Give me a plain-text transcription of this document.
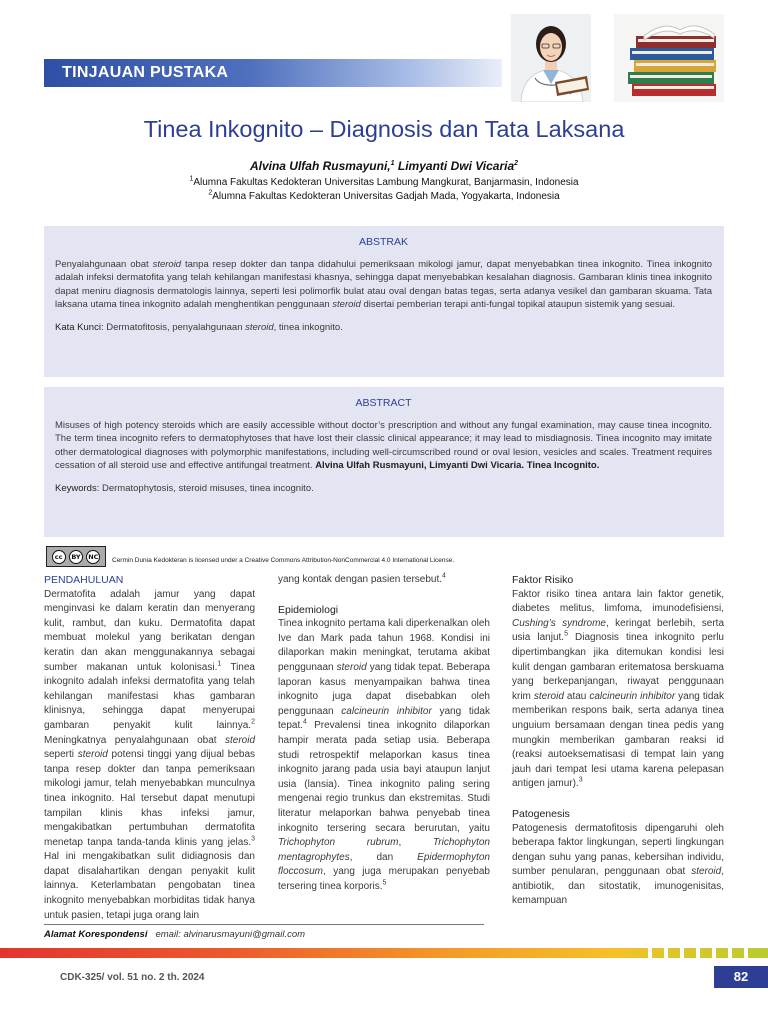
TINJAUAN PUSTAKA
Tinea Inkognito – Diagnosis dan Tata Laksana
Alvina Ulfah Rusmayuni,$^1$ Limyanti Dwi Vicaria$^2$
$^1$Alumna Fakultas Kedokteran Universitas Lambung Mangkurat, Banjarmasin, Indonesia
$^2$Alumna Fakultas Kedokteran Universitas Gadjah Mada, Yogyakarta, Indonesia
ABSTRAK
Penyalahgunaan obat steroid tanpa resep dokter dan tanpa didahului pemeriksaan mikologi jamur, dapat menyebabkan tinea inkognito. Tinea inkognito adalah infeksi dermatofita yang telah kehilangan manifestasi khasnya, sehingga dapat menyebabkan kesalahan diagnosis. Gambaran klinis tinea inkognito dapat meniru diagnosis dermatologis lainnya, seperti lesi polimorfik bulat atau oval dengan batas tegas, serta adanya vesikel dan gambaran skuama. Tata laksana utama tinea inkognito adalah menghentikan penggunaan steroid disertai pemberian terapi anti-fungal topikal ataupun sistemik yang sesuai.
Kata Kunci: Dermatofitosis, penyalahgunaan steroid, tinea inkognito.
ABSTRACT
Misuses of high potency steroids which are easily accessible without doctor’s prescription and without any fungal examination, may cause tinea incognito. The term tinea incognito refers to dermatophytoses that have lost their classic clinical appearance; it may lead to misdiagnosis. Tinea incognito may imitate other dermatological diagnoses with polymorphic manifestations, including well-circumscribed round or oval lesion, vesicles and scales. Treatment requires cessation of all steroid use and effective antifungal treatment. Alvina Ulfah Rusmayuni, Limyanti Dwi Vicaria. Tinea Incognito.
Keywords: Dermatophytosis, steroid misuses, tinea incognito.
cc	BY	NC Cermin Dunia Kedokteran is licensed under a Creative Commons Attribution-NonCommercial 4.0 International License.
PENDAHULUAN

Dermatofita adalah jamur yang dapat menginvasi ke dalam keratin dan menyerang kulit, rambut, dan kuku. Dermatofita dapat membuat molekul yang berikatan dengan keratin dan akan menggunakannya sebagai sumber makanan untuk kolonisasi.$^1$ Tinea inkognito adalah infeksi dermatofita yang telah kehilangan manifestasi khas gambaran klinisnya, sehingga dapat menyerupai gambaran penyakit kulit lainnya.$^2$ Meningkatnya penyalahgunaan obat steroid seperti steroid potensi tinggi yang dijual bebas tanpa resep dokter dan tanpa pemeriksaan mikologi jamur, telah menyebabkan munculnya tinea inkognito. Hal tersebut dapat menutupi tampilan klinis khas infeksi jamur, mengakibatkan pertumbuhan dermatofita menetap tanpa tanda-tanda klinis yang jelas.$^3$ Hal ini mengakibatkan sulit didiagnosis dan dapat disalahartikan dengan penyakit kulit lainnya. Keterlambatan pengobatan tinea inkognito menyebabkan morbiditas tidak hanya untuk pasien, tetapi juga orang lain

yang kontak dengan pasien tersebut.$^4$

Epidemiologi

Tinea inkognito pertama kali diperkenalkan oleh Ive dan Mark pada tahun 1968. Kondisi ini dilaporkan makin meningkat, terutama akibat penggunaan steroid yang tidak tepat. Beberapa laporan kasus menyampaikan bahwa tinea inkognito juga dapat disebabkan oleh penggunaan calcineurin inhibitor yang tidak tepat.$^4$ Prevalensi tinea inkognito dilaporkan hampir merata pada setiap usia. Beberapa studi retrospektif melaporkan kasus tinea inkognito jarang pada usia bayi ataupun lanjut usia (lansia). Tinea inkognito paling sering mengenai regio trunkus dan ekstremitas. Studi literatur melaporkan bahwa penyebab tinea inkognito tersering secara berurutan, yaitu Trichophyton rubrum, Trichophyton mentagrophytes, dan Epidermophyton floccosum, yang juga merupakan penyebab tersering tinea korporis.$^5$

Faktor Risiko

Faktor risiko tinea antara lain faktor genetik, diabetes melitus, limfoma, imunodefisiensi, Cushing’s syndrome, keringat berlebih, serta usia lanjut.$^5$ Diagnosis tinea inkognito perlu dipertimbangkan jika ditemukan kondisi lesi kulit dengan gambaran eritematosa berskuama yang berkepanjangan, riwayat penggunaan krim steroid atau calcineurin inhibitor yang tidak memberikan respons baik, serta adanya tinea unguium bersamaan dengan tinea pedis yang mungkin memberikan gambaran reaksi id (reaksi autoeksematisasi di tempat lain yang jauh dari tempat lesi utama karena pelepasan antigen jamur).$^3$

Patogenesis

Patogenesis dermatofitosis dipengaruhi oleh beberapa faktor lingkungan, seperti lingkungan dengan suhu yang panas, kebersihan individu, sumber penularan, penggunaan obat steroid, antibiotik, dan sitostatik, imunogenisitas, kemampuan

Alamat Korespondensi email: alvinarusmayuni@gmail.com
CDK-325/ vol. 51 no. 2 th. 2024	82
